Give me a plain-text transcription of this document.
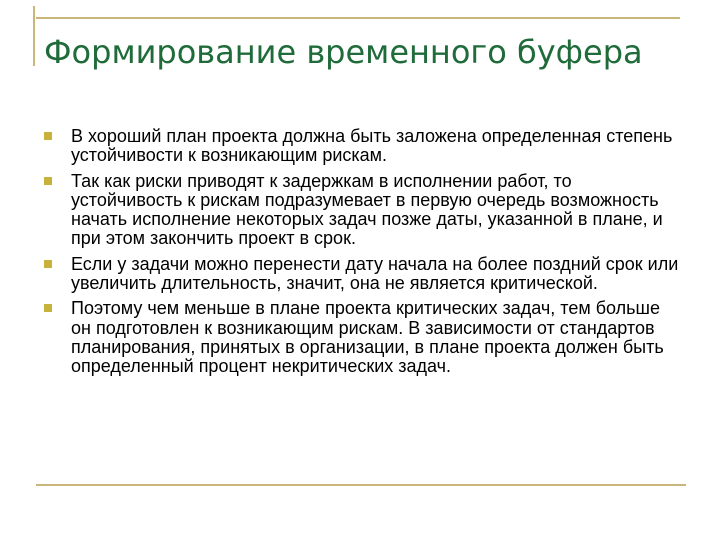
Формирование временного буфера
В хороший план проекта должна быть заложена определенная степень устойчивости к возникающим рискам.
Так как риски приводят к задержкам в исполнении работ, то устойчивость к рискам подразумевает в первую очередь возможность начать исполнение некоторых задач позже даты, указанной в плане, и при этом закончить проект в срок.
Если у задачи можно перенести дату начала на более поздний срок или увеличить длительность, значит, она не является критической.
Поэтому чем меньше в плане проекта критических задач, тем больше он подготовлен к возникающим рискам. В зависимости от стандартов планирования, принятых в организации, в плане проекта должен быть определенный процент некритических задач.
